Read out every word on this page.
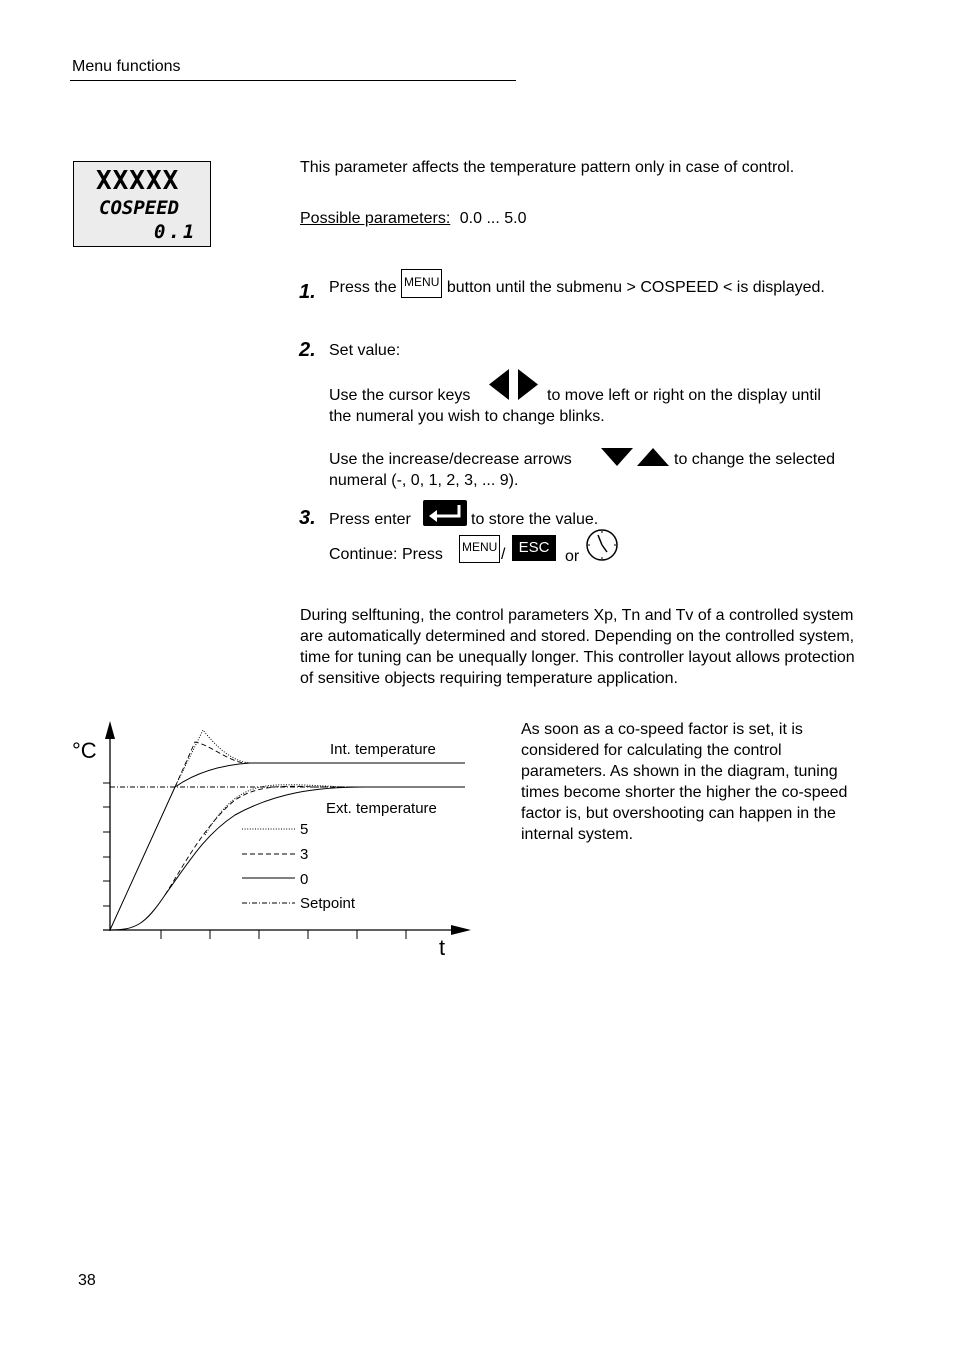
Menu functions
XXXXX
COSPEED
0.1
This parameter affects the temperature pattern only in case of control.
Possible parameters: 0.0 ... 5.0
1. Press the MENU button until the submenu > COSPEED < is displayed.
2. Set value:
Use the cursor keys	to move left or right on the display until
the numeral you wish to change blinks.
Use the increase/decrease arrows	to change the selected
numeral (-, 0, 1, 2, 3, ... 9).
3. Press enter	to store the value.
Continue: Press MENU / ESC
or
During selftuning, the control parameters Xp, Tn and Tv of a controlled system are automatically determined and stored. Depending on the controlled system, time for tuning can be unequally longer. This controller layout allows protection of sensitive objects requiring temperature application.
°C
t
Int. temperature
Ext. temperature
5
3
0
Setpoint
As soon as a co-speed factor is set, it is considered for calculating the control parameters. As shown in the diagram, tuning times become shorter the higher the co-speed factor is, but overshooting can happen in the internal system.
38
